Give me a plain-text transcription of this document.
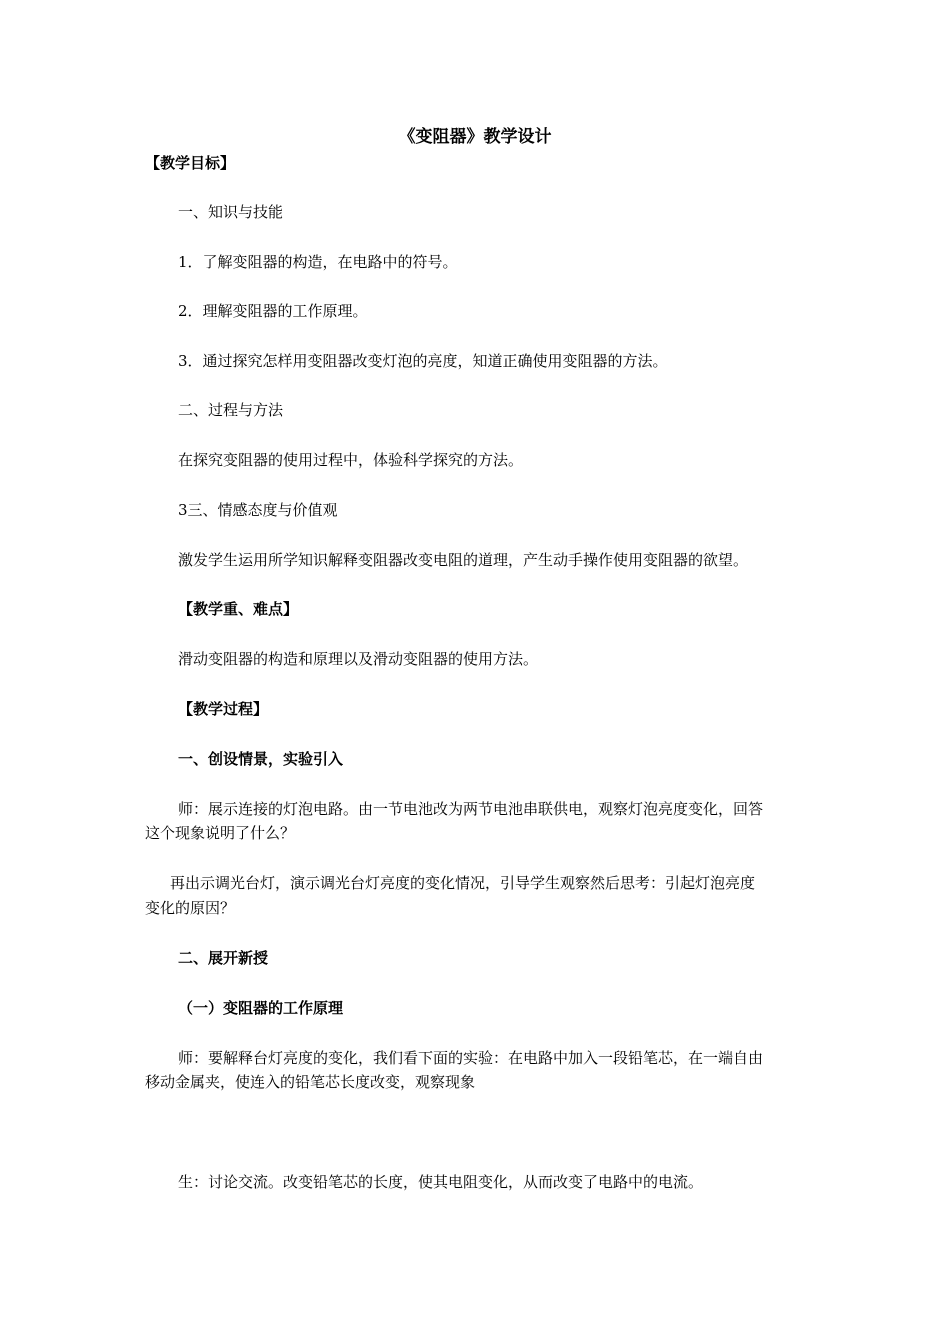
《变阻器》教学设计
【教学目标】
一、知识与技能
1．了解变阻器的构造，在电路中的符号。
2．理解变阻器的工作原理。
3．通过探究怎样用变阻器改变灯泡的亮度，知道正确使用变阻器的方法。
二、过程与方法
在探究变阻器的使用过程中，体验科学探究的方法。
3三、情感态度与价值观
激发学生运用所学知识解释变阻器改变电阻的道理，产生动手操作使用变阻器的欲望。
【教学重、难点】
滑动变阻器的构造和原理以及滑动变阻器的使用方法。
【教学过程】
一、创设情景，实验引入
师：展示连接的灯泡电路。由一节电池改为两节电池串联供电，观察灯泡亮度变化，回答
这个现象说明了什么？
再出示调光台灯，演示调光台灯亮度的变化情况，引导学生观察然后思考：引起灯泡亮度
变化的原因？
二、展开新授
（一）变阻器的工作原理
师：要解释台灯亮度的变化，我们看下面的实验：在电路中加入一段铅笔芯，在一端自由
移动金属夹，使连入的铅笔芯长度改变，观察现象
生：讨论交流。改变铅笔芯的长度，使其电阻变化，从而改变了电路中的电流。
